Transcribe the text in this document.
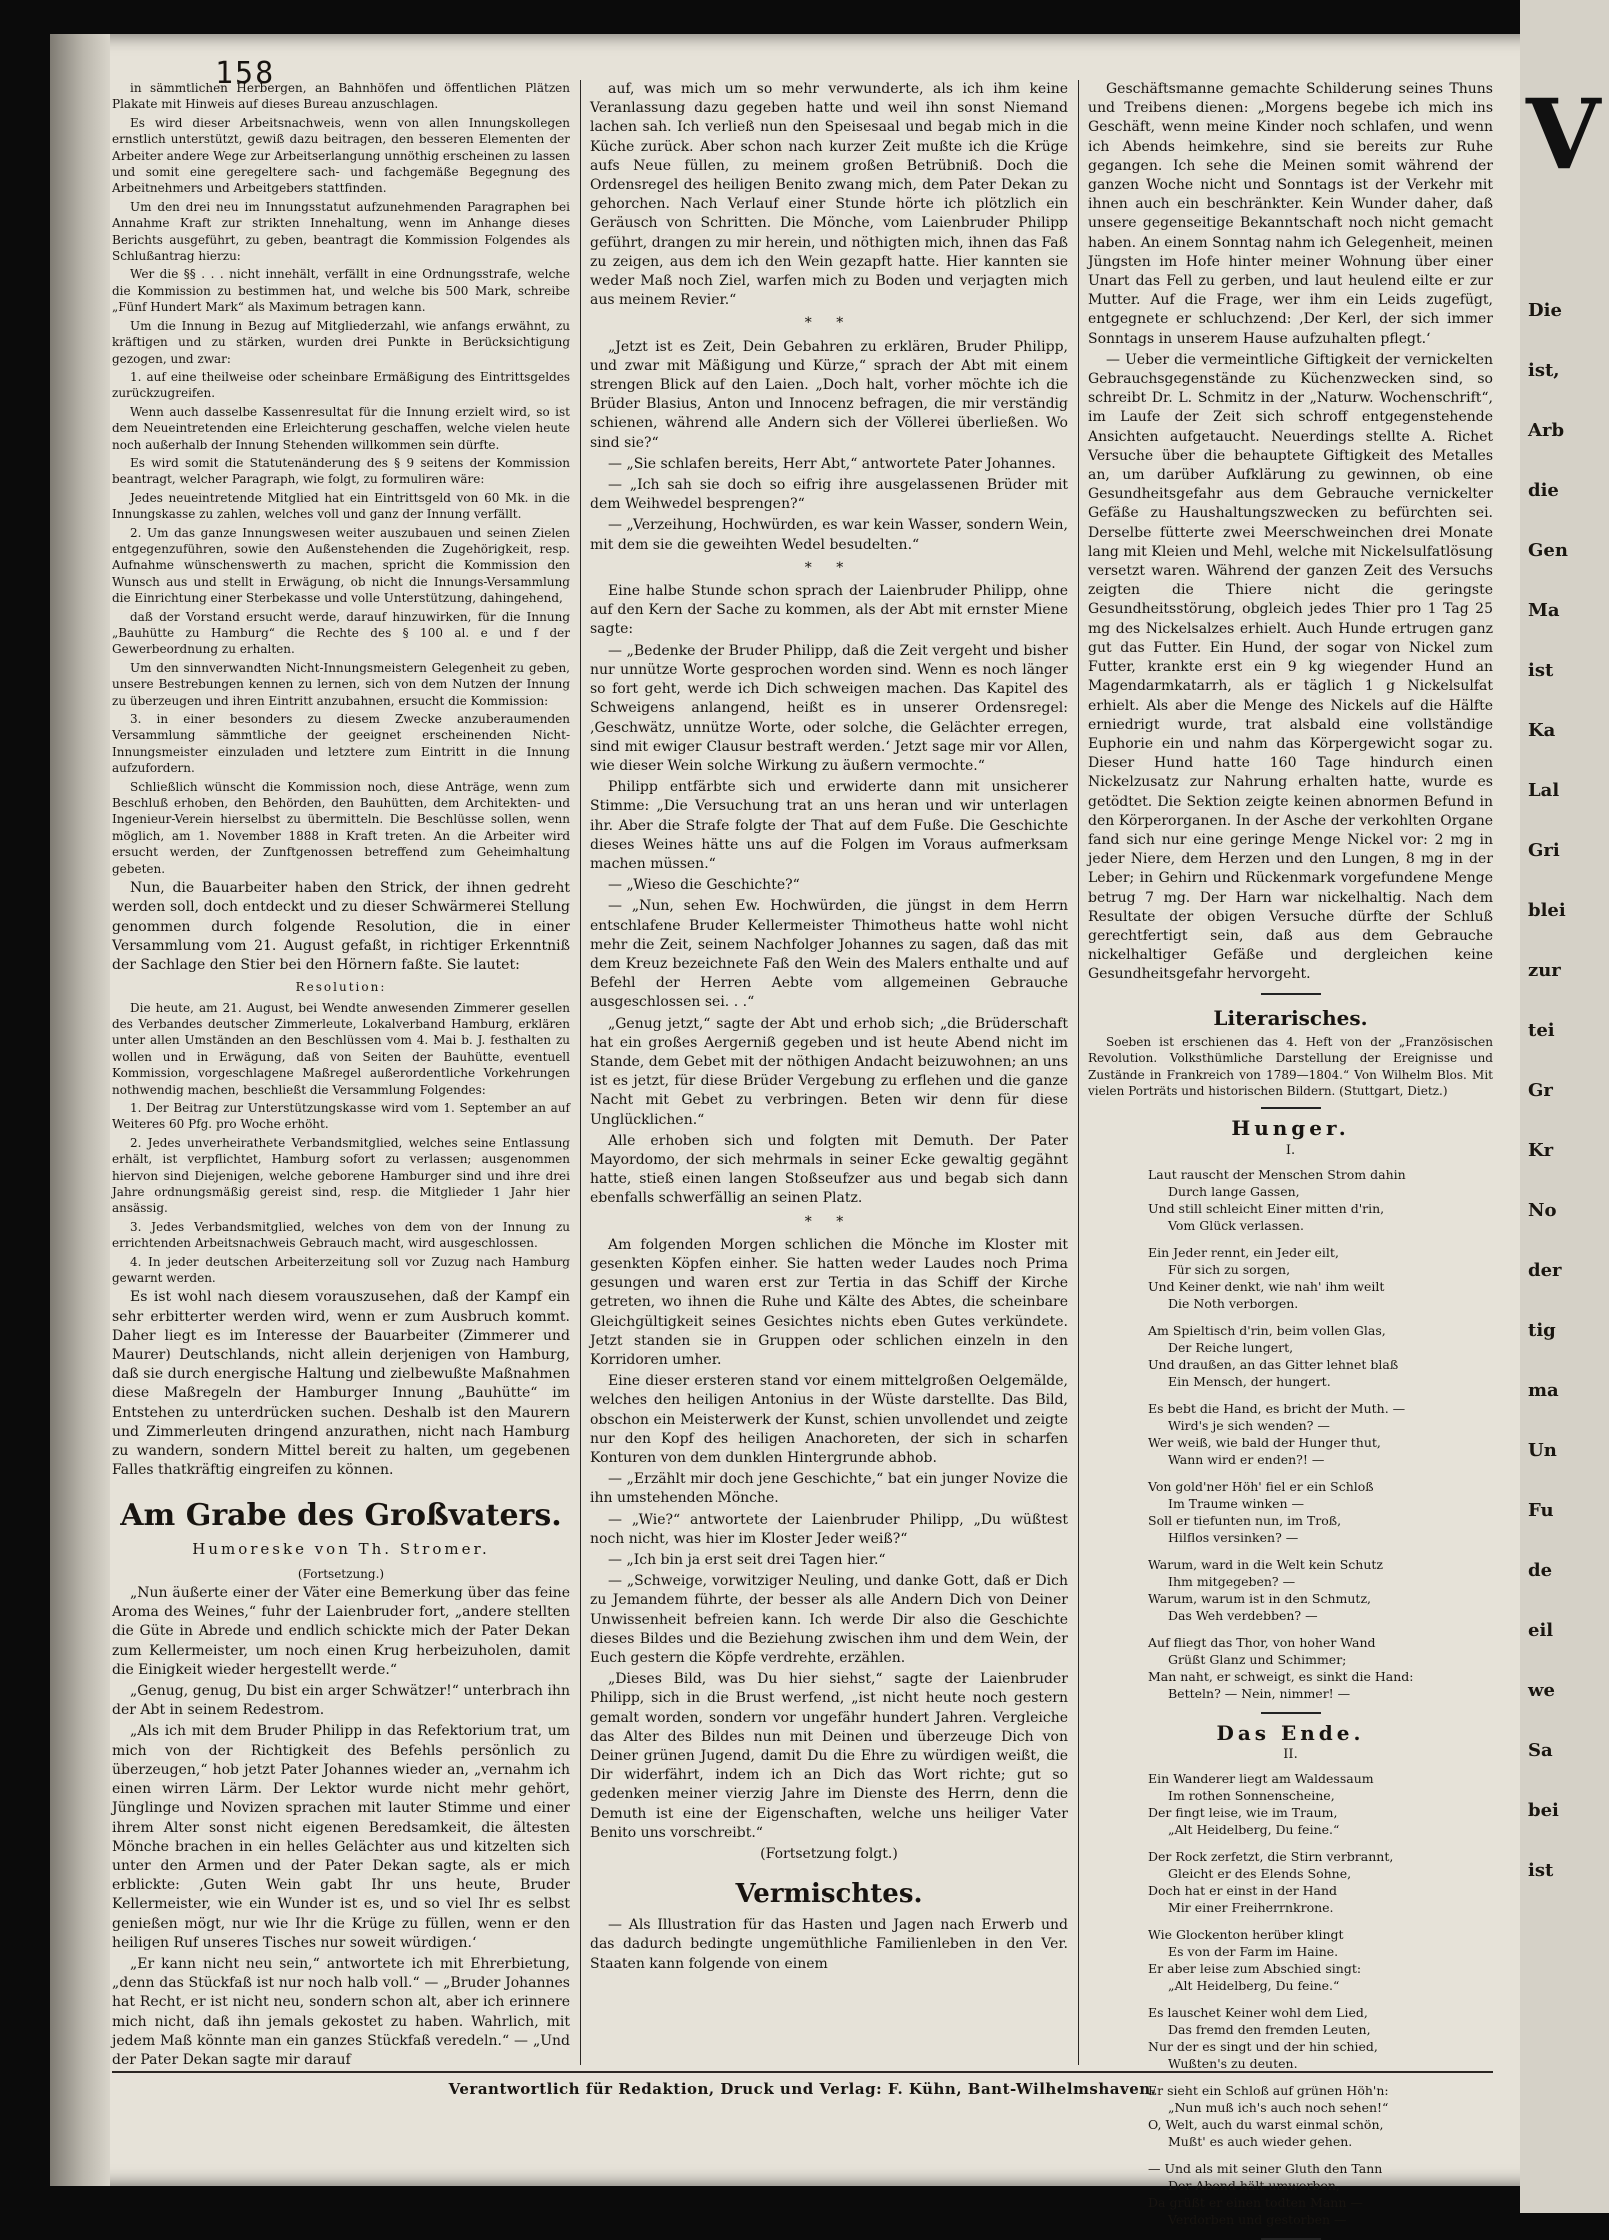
158

in sämmtlichen Herbergen, an Bahnhöfen und öffentlichen Plätzen Plakate mit Hinweis auf dieses Bureau anzuschlagen.

Es wird dieser Arbeitsnachweis, wenn von allen Innungskollegen ernstlich unterstützt, gewiß dazu beitragen, den besseren Elementen der Arbeiter andere Wege zur Arbeitserlangung unnöthig erscheinen zu lassen und somit eine geregeltere sach- und fachgemäße Begegnung des Arbeitnehmers und Arbeitgebers stattfinden.

Um den drei neu im Innungsstatut aufzunehmenden Paragraphen bei Annahme Kraft zur strikten Innehaltung, wenn im Anhange dieses Berichts ausgeführt, zu geben, beantragt die Kommission Folgendes als Schlußantrag hierzu:

Wer die §§ . . . nicht innehält, verfällt in eine Ordnungsstrafe, welche die Kommission zu bestimmen hat, und welche bis 500 Mark, schreibe „Fünf Hundert Mark“ als Maximum betragen kann.

Um die Innung in Bezug auf Mitgliederzahl, wie anfangs erwähnt, zu kräftigen und zu stärken, wurden drei Punkte in Berücksichtigung gezogen, und zwar:

1. auf eine theilweise oder scheinbare Ermäßigung des Eintrittsgeldes zurückzugreifen.

Wenn auch dasselbe Kassenresultat für die Innung erzielt wird, so ist dem Neueintretenden eine Erleichterung geschaffen, welche vielen heute noch außerhalb der Innung Stehenden willkommen sein dürfte.

Es wird somit die Statutenänderung des § 9 seitens der Kommission beantragt, welcher Paragraph, wie folgt, zu formuliren wäre:

Jedes neueintretende Mitglied hat ein Eintrittsgeld von 60 Mk. in die Innungskasse zu zahlen, welches voll und ganz der Innung verfällt.

2. Um das ganze Innungswesen weiter auszubauen und seinen Zielen entgegenzuführen, sowie den Außenstehenden die Zugehörigkeit, resp. Aufnahme wünschenswerth zu machen, spricht die Kommission den Wunsch aus und stellt in Erwägung, ob nicht die Innungs-Versammlung die Einrichtung einer Sterbekasse und volle Unterstützung, dahingehend,

daß der Vorstand ersucht werde, darauf hinzuwirken, für die Innung „Bauhütte zu Hamburg“ die Rechte des § 100 al. e und f der Gewerbeordnung zu erhalten.

Um den sinnverwandten Nicht-Innungsmeistern Gelegenheit zu geben, unsere Bestrebungen kennen zu lernen, sich von dem Nutzen der Innung zu überzeugen und ihren Eintritt anzubahnen, ersucht die Kommission:

3. in einer besonders zu diesem Zwecke anzuberaumenden Versammlung sämmtliche der geeignet erscheinenden Nicht-Innungsmeister einzuladen und letztere zum Eintritt in die Innung aufzufordern.

Schließlich wünscht die Kommission noch, diese Anträge, wenn zum Beschluß erhoben, den Behörden, den Bauhütten, dem Architekten- und Ingenieur-Verein hierselbst zu übermitteln. Die Beschlüsse sollen, wenn möglich, am 1. November 1888 in Kraft treten. An die Arbeiter wird ersucht werden, der Zunftgenossen betreffend zum Geheimhaltung gebeten.

Nun, die Bauarbeiter haben den Strick, der ihnen gedreht werden soll, doch entdeckt und zu dieser Schwärmerei Stellung genommen durch folgende Resolution, die in einer Versammlung vom 21. August gefaßt, in richtiger Erkenntniß der Sachlage den Stier bei den Hörnern faßte. Sie lautet:

Resolution:

Die heute, am 21. August, bei Wendte anwesenden Zimmerer gesellen des Verbandes deutscher Zimmerleute, Lokalverband Hamburg, erklären unter allen Umständen an den Beschlüssen vom 4. Mai b. J. festhalten zu wollen und in Erwägung, daß von Seiten der Bauhütte, eventuell Kommission, vorgeschlagene Maßregel außerordentliche Vorkehrungen nothwendig machen, beschließt die Versammlung Folgendes:

1. Der Beitrag zur Unterstützungskasse wird vom 1. September an auf Weiteres 60 Pfg. pro Woche erhöht.

2. Jedes unverheirathete Verbandsmitglied, welches seine Entlassung erhält, ist verpflichtet, Hamburg sofort zu verlassen; ausgenommen hiervon sind Diejenigen, welche geborene Hamburger sind und ihre drei Jahre ordnungsmäßig gereist sind, resp. die Mitglieder 1 Jahr hier ansässig.

3. Jedes Verbandsmitglied, welches von dem von der Innung zu errichtenden Arbeitsnachweis Gebrauch macht, wird ausgeschlossen.

4. In jeder deutschen Arbeiterzeitung soll vor Zuzug nach Hamburg gewarnt werden.

Es ist wohl nach diesem vorauszusehen, daß der Kampf ein sehr erbitterter werden wird, wenn er zum Ausbruch kommt. Daher liegt es im Interesse der Bauarbeiter (Zimmerer und Maurer) Deutschlands, nicht allein derjenigen von Hamburg, daß sie durch energische Haltung und zielbewußte Maßnahmen diese Maßregeln der Hamburger Innung „Bauhütte“ im Entstehen zu unterdrücken suchen. Deshalb ist den Maurern und Zimmerleuten dringend anzurathen, nicht nach Hamburg zu wandern, sondern Mittel bereit zu halten, um gegebenen Falles thatkräftig eingreifen zu können.

Am Grabe des Großvaters.
Humoreske von Th. Stromer.

(Fortsetzung.)

„Nun äußerte einer der Väter eine Bemerkung über das feine Aroma des Weines,“ fuhr der Laienbruder fort, „andere stellten die Güte in Abrede und endlich schickte mich der Pater Dekan zum Kellermeister, um noch einen Krug herbeizuholen, damit die Einigkeit wieder hergestellt werde.“

„Genug, genug, Du bist ein arger Schwätzer!“ unterbrach ihn der Abt in seinem Redestrom.

„Als ich mit dem Bruder Philipp in das Refektorium trat, um mich von der Richtigkeit des Befehls persönlich zu überzeugen,“ hob jetzt Pater Johannes wieder an, „vernahm ich einen wirren Lärm. Der Lektor wurde nicht mehr gehört, Jünglinge und Novizen sprachen mit lauter Stimme und einer ihrem Alter sonst nicht eigenen Beredsamkeit, die ältesten Mönche brachen in ein helles Gelächter aus und kitzelten sich unter den Armen und der Pater Dekan sagte, als er mich erblickte: ‚Guten Wein gabt Ihr uns heute, Bruder Kellermeister, wie ein Wunder ist es, und so viel Ihr es selbst genießen mögt, nur wie Ihr die Krüge zu füllen, wenn er den heiligen Ruf unseres Tisches nur soweit würdigen.‘

„Er kann nicht neu sein,“ antwortete ich mit Ehrerbietung, „denn das Stückfaß ist nur noch halb voll.“ — „Bruder Johannes hat Recht, er ist nicht neu, sondern schon alt, aber ich erinnere mich nicht, daß ihn jemals gekostet zu haben. Wahrlich, mit jedem Maß könnte man ein ganzes Stückfaß veredeln.“ — „Und der Pater Dekan sagte mir darauf

auf, was mich um so mehr verwunderte, als ich ihm keine Veranlassung dazu gegeben hatte und weil ihn sonst Niemand lachen sah. Ich verließ nun den Speisesaal und begab mich in die Küche zurück. Aber schon nach kurzer Zeit mußte ich die Krüge aufs Neue füllen, zu meinem großen Betrübniß. Doch die Ordensregel des heiligen Benito zwang mich, dem Pater Dekan zu gehorchen. Nach Verlauf einer Stunde hörte ich plötzlich ein Geräusch von Schritten. Die Mönche, vom Laienbruder Philipp geführt, drangen zu mir herein, und nöthigten mich, ihnen das Faß zu zeigen, aus dem ich den Wein gezapft hatte. Hier kannten sie weder Maß noch Ziel, warfen mich zu Boden und verjagten mich aus meinem Revier.“

* *

„Jetzt ist es Zeit, Dein Gebahren zu erklären, Bruder Philipp, und zwar mit Mäßigung und Kürze,“ sprach der Abt mit einem strengen Blick auf den Laien. „Doch halt, vorher möchte ich die Brüder Blasius, Anton und Innocenz befragen, die mir verständig schienen, während alle Andern sich der Völlerei überließen. Wo sind sie?“

— „Sie schlafen bereits, Herr Abt,“ antwortete Pater Johannes.

— „Ich sah sie doch so eifrig ihre ausgelassenen Brüder mit dem Weihwedel besprengen?“

— „Verzeihung, Hochwürden, es war kein Wasser, sondern Wein, mit dem sie die geweihten Wedel besudelten.“

* *

Eine halbe Stunde schon sprach der Laienbruder Philipp, ohne auf den Kern der Sache zu kommen, als der Abt mit ernster Miene sagte:

— „Bedenke der Bruder Philipp, daß die Zeit vergeht und bisher nur unnütze Worte gesprochen worden sind. Wenn es noch länger so fort geht, werde ich Dich schweigen machen. Das Kapitel des Schweigens anlangend, heißt es in unserer Ordensregel: ‚Geschwätz, unnütze Worte, oder solche, die Gelächter erregen, sind mit ewiger Clausur bestraft werden.‘ Jetzt sage mir vor Allen, wie dieser Wein solche Wirkung zu äußern vermochte.“

Philipp entfärbte sich und erwiderte dann mit unsicherer Stimme: „Die Versuchung trat an uns heran und wir unterlagen ihr. Aber die Strafe folgte der That auf dem Fuße. Die Geschichte dieses Weines hätte uns auf die Folgen im Voraus aufmerksam machen müssen.“

— „Wieso die Geschichte?“

— „Nun, sehen Ew. Hochwürden, die jüngst in dem Herrn entschlafene Bruder Kellermeister Thimotheus hatte wohl nicht mehr die Zeit, seinem Nachfolger Johannes zu sagen, daß das mit dem Kreuz bezeichnete Faß den Wein des Malers enthalte und auf Befehl der Herren Aebte vom allgemeinen Gebrauche ausgeschlossen sei. . .“

„Genug jetzt,“ sagte der Abt und erhob sich; „die Brüderschaft hat ein großes Aergerniß gegeben und ist heute Abend nicht im Stande, dem Gebet mit der nöthigen Andacht beizuwohnen; an uns ist es jetzt, für diese Brüder Vergebung zu erflehen und die ganze Nacht mit Gebet zu verbringen. Beten wir denn für diese Unglücklichen.“

Alle erhoben sich und folgten mit Demuth. Der Pater Mayordomo, der sich mehrmals in seiner Ecke gewaltig gegähnt hatte, stieß einen langen Stoßseufzer aus und begab sich dann ebenfalls schwerfällig an seinen Platz.

* *

Am folgenden Morgen schlichen die Mönche im Kloster mit gesenkten Köpfen einher. Sie hatten weder Laudes noch Prima gesungen und waren erst zur Tertia in das Schiff der Kirche getreten, wo ihnen die Ruhe und Kälte des Abtes, die scheinbare Gleichgültigkeit seines Gesichtes nichts eben Gutes verkündete. Jetzt standen sie in Gruppen oder schlichen einzeln in den Korridoren umher.

Eine dieser ersteren stand vor einem mittelgroßen Oelgemälde, welches den heiligen Antonius in der Wüste darstellte. Das Bild, obschon ein Meisterwerk der Kunst, schien unvollendet und zeigte nur den Kopf des heiligen Anachoreten, der sich in scharfen Konturen von dem dunklen Hintergrunde abhob.

— „Erzählt mir doch jene Geschichte,“ bat ein junger Novize die ihn umstehenden Mönche.

— „Wie?“ antwortete der Laienbruder Philipp, „Du wüßtest noch nicht, was hier im Kloster Jeder weiß?“

— „Ich bin ja erst seit drei Tagen hier.“

— „Schweige, vorwitziger Neuling, und danke Gott, daß er Dich zu Jemandem führte, der besser als alle Andern Dich von Deiner Unwissenheit befreien kann. Ich werde Dir also die Geschichte dieses Bildes und die Beziehung zwischen ihm und dem Wein, der Euch gestern die Köpfe verdrehte, erzählen.

„Dieses Bild, was Du hier siehst,“ sagte der Laienbruder Philipp, sich in die Brust werfend, „ist nicht heute noch gestern gemalt worden, sondern vor ungefähr hundert Jahren. Vergleiche das Alter des Bildes nun mit Deinen und überzeuge Dich von Deiner grünen Jugend, damit Du die Ehre zu würdigen weißt, die Dir widerfährt, indem ich an Dich das Wort richte; gut so gedenken meiner vierzig Jahre im Dienste des Herrn, denn die Demuth ist eine der Eigenschaften, welche uns heiliger Vater Benito uns vorschreibt.“

(Fortsetzung folgt.)

Vermischtes.

— Als Illustration für das Hasten und Jagen nach Erwerb und das dadurch bedingte ungemüthliche Familienleben in den Ver. Staaten kann folgende von einem

Geschäftsmanne gemachte Schilderung seines Thuns und Treibens dienen: „Morgens begebe ich mich ins Geschäft, wenn meine Kinder noch schlafen, und wenn ich Abends heimkehre, sind sie bereits zur Ruhe gegangen. Ich sehe die Meinen somit während der ganzen Woche nicht und Sonntags ist der Verkehr mit ihnen auch ein beschränkter. Kein Wunder daher, daß unsere gegenseitige Bekanntschaft noch nicht gemacht haben. An einem Sonntag nahm ich Gelegenheit, meinen Jüngsten im Hofe hinter meiner Wohnung über einer Unart das Fell zu gerben, und laut heulend eilte er zur Mutter. Auf die Frage, wer ihm ein Leids zugefügt, entgegnete er schluchzend: ‚Der Kerl, der sich immer Sonntags in unserem Hause aufzuhalten pflegt.‘

— Ueber die vermeintliche Giftigkeit der vernickelten Gebrauchsgegenstände zu Küchenzwecken sind, so schreibt Dr. L. Schmitz in der „Naturw. Wochenschrift“, im Laufe der Zeit sich schroff entgegenstehende Ansichten aufgetaucht. Neuerdings stellte A. Richet Versuche über die behauptete Giftigkeit des Metalles an, um darüber Aufklärung zu gewinnen, ob eine Gesundheitsgefahr aus dem Gebrauche vernickelter Gefäße zu Haushaltungszwecken zu befürchten sei. Derselbe fütterte zwei Meerschweinchen drei Monate lang mit Kleien und Mehl, welche mit Nickelsulfatlösung versetzt waren. Während der ganzen Zeit des Versuchs zeigten die Thiere nicht die geringste Gesundheitsstörung, obgleich jedes Thier pro 1 Tag 25 mg des Nickelsalzes erhielt. Auch Hunde ertrugen ganz gut das Futter. Ein Hund, der sogar von Nickel zum Futter, krankte erst ein 9 kg wiegender Hund an Magendarmkatarrh, als er täglich 1 g Nickelsulfat erhielt. Als aber die Menge des Nickels auf die Hälfte erniedrigt wurde, trat alsbald eine vollständige Euphorie ein und nahm das Körpergewicht sogar zu. Dieser Hund hatte 160 Tage hindurch einen Nickelzusatz zur Nahrung erhalten hatte, wurde es getödtet. Die Sektion zeigte keinen abnormen Befund in den Körperorganen. In der Asche der verkohlten Organe fand sich nur eine geringe Menge Nickel vor: 2 mg in jeder Niere, dem Herzen und den Lungen, 8 mg in der Leber; in Gehirn und Rückenmark vorgefundene Menge betrug 7 mg. Der Harn war nickelhaltig. Nach dem Resultate der obigen Versuche dürfte der Schluß gerechtfertigt sein, daß aus dem Gebrauche nickelhaltiger Gefäße und dergleichen keine Gesundheitsgefahr hervorgeht.

Literarisches.

Soeben ist erschienen das 4. Heft von der „Französischen Revolution. Volksthümliche Darstellung der Ereignisse und Zustände in Frankreich von 1789—1804.“ Von Wilhelm Blos. Mit vielen Porträts und historischen Bildern. (Stuttgart, Dietz.)

Hunger.
I.
Laut rauscht der Menschen Strom dahin
Durch lange Gassen,
Und still schleicht Einer mitten d'rin,
Vom Glück verlassen.
Ein Jeder rennt, ein Jeder eilt,
Für sich zu sorgen,
Und Keiner denkt, wie nah' ihm weilt
Die Noth verborgen.
Am Spieltisch d'rin, beim vollen Glas,
Der Reiche lungert,
Und draußen, an das Gitter lehnet blaß
Ein Mensch, der hungert.
Es bebt die Hand, es bricht der Muth. —
Wird's je sich wenden? —
Wer weiß, wie bald der Hunger thut,
Wann wird er enden?! —
Von gold'ner Höh' fiel er ein Schloß
Im Traume winken —
Soll er tiefunten nun, im Troß,
Hilflos versinken? —
Warum, ward in die Welt kein Schutz
Ihm mitgegeben? —
Warum, warum ist in den Schmutz,
Das Weh verdebben? —
Auf fliegt das Thor, von hoher Wand
Grüßt Glanz und Schimmer;
Man naht, er schweigt, es sinkt die Hand:
Betteln? — Nein, nimmer! —
Das Ende.
II.
Ein Wanderer liegt am Waldessaum
Im rothen Sonnenscheine,
Der fingt leise, wie im Traum,
„Alt Heidelberg, Du feine.“
Der Rock zerfetzt, die Stirn verbrannt,
Gleicht er des Elends Sohne,
Doch hat er einst in der Hand
Mir einer Freiherrnkrone.
Wie Glockenton herüber klingt
Es von der Farm im Haine.
Er aber leise zum Abschied singt:
„Alt Heidelberg, Du feine.“
Es lauschet Keiner wohl dem Lied,
Das fremd den fremden Leuten,
Nur der es singt und der hin schied,
Wußten's zu deuten.
Er sieht ein Schloß auf grünen Höh'n:
„Nun muß ich's auch noch sehen!“
O, Welt, auch du warst einmal schön,
Mußt' es auch wieder gehen.
— Und als mit seiner Gluth den Tann
Der Abend hält umworben,
Da grüßt er einen todten Mann —
Verdorben und gestorben —
Verantwortlich für Redaktion, Druck und Verlag: F. Kühn, Bant-Wilhelmshaven.
V
Die
ist,
Arb
die
Gen
Ma
ist
Ka
Lal
Gri
blei
zur
tei
Gr
Kr
No
der
tig
ma
Un
Fu
de
eil
we
Sa
bei
ist
